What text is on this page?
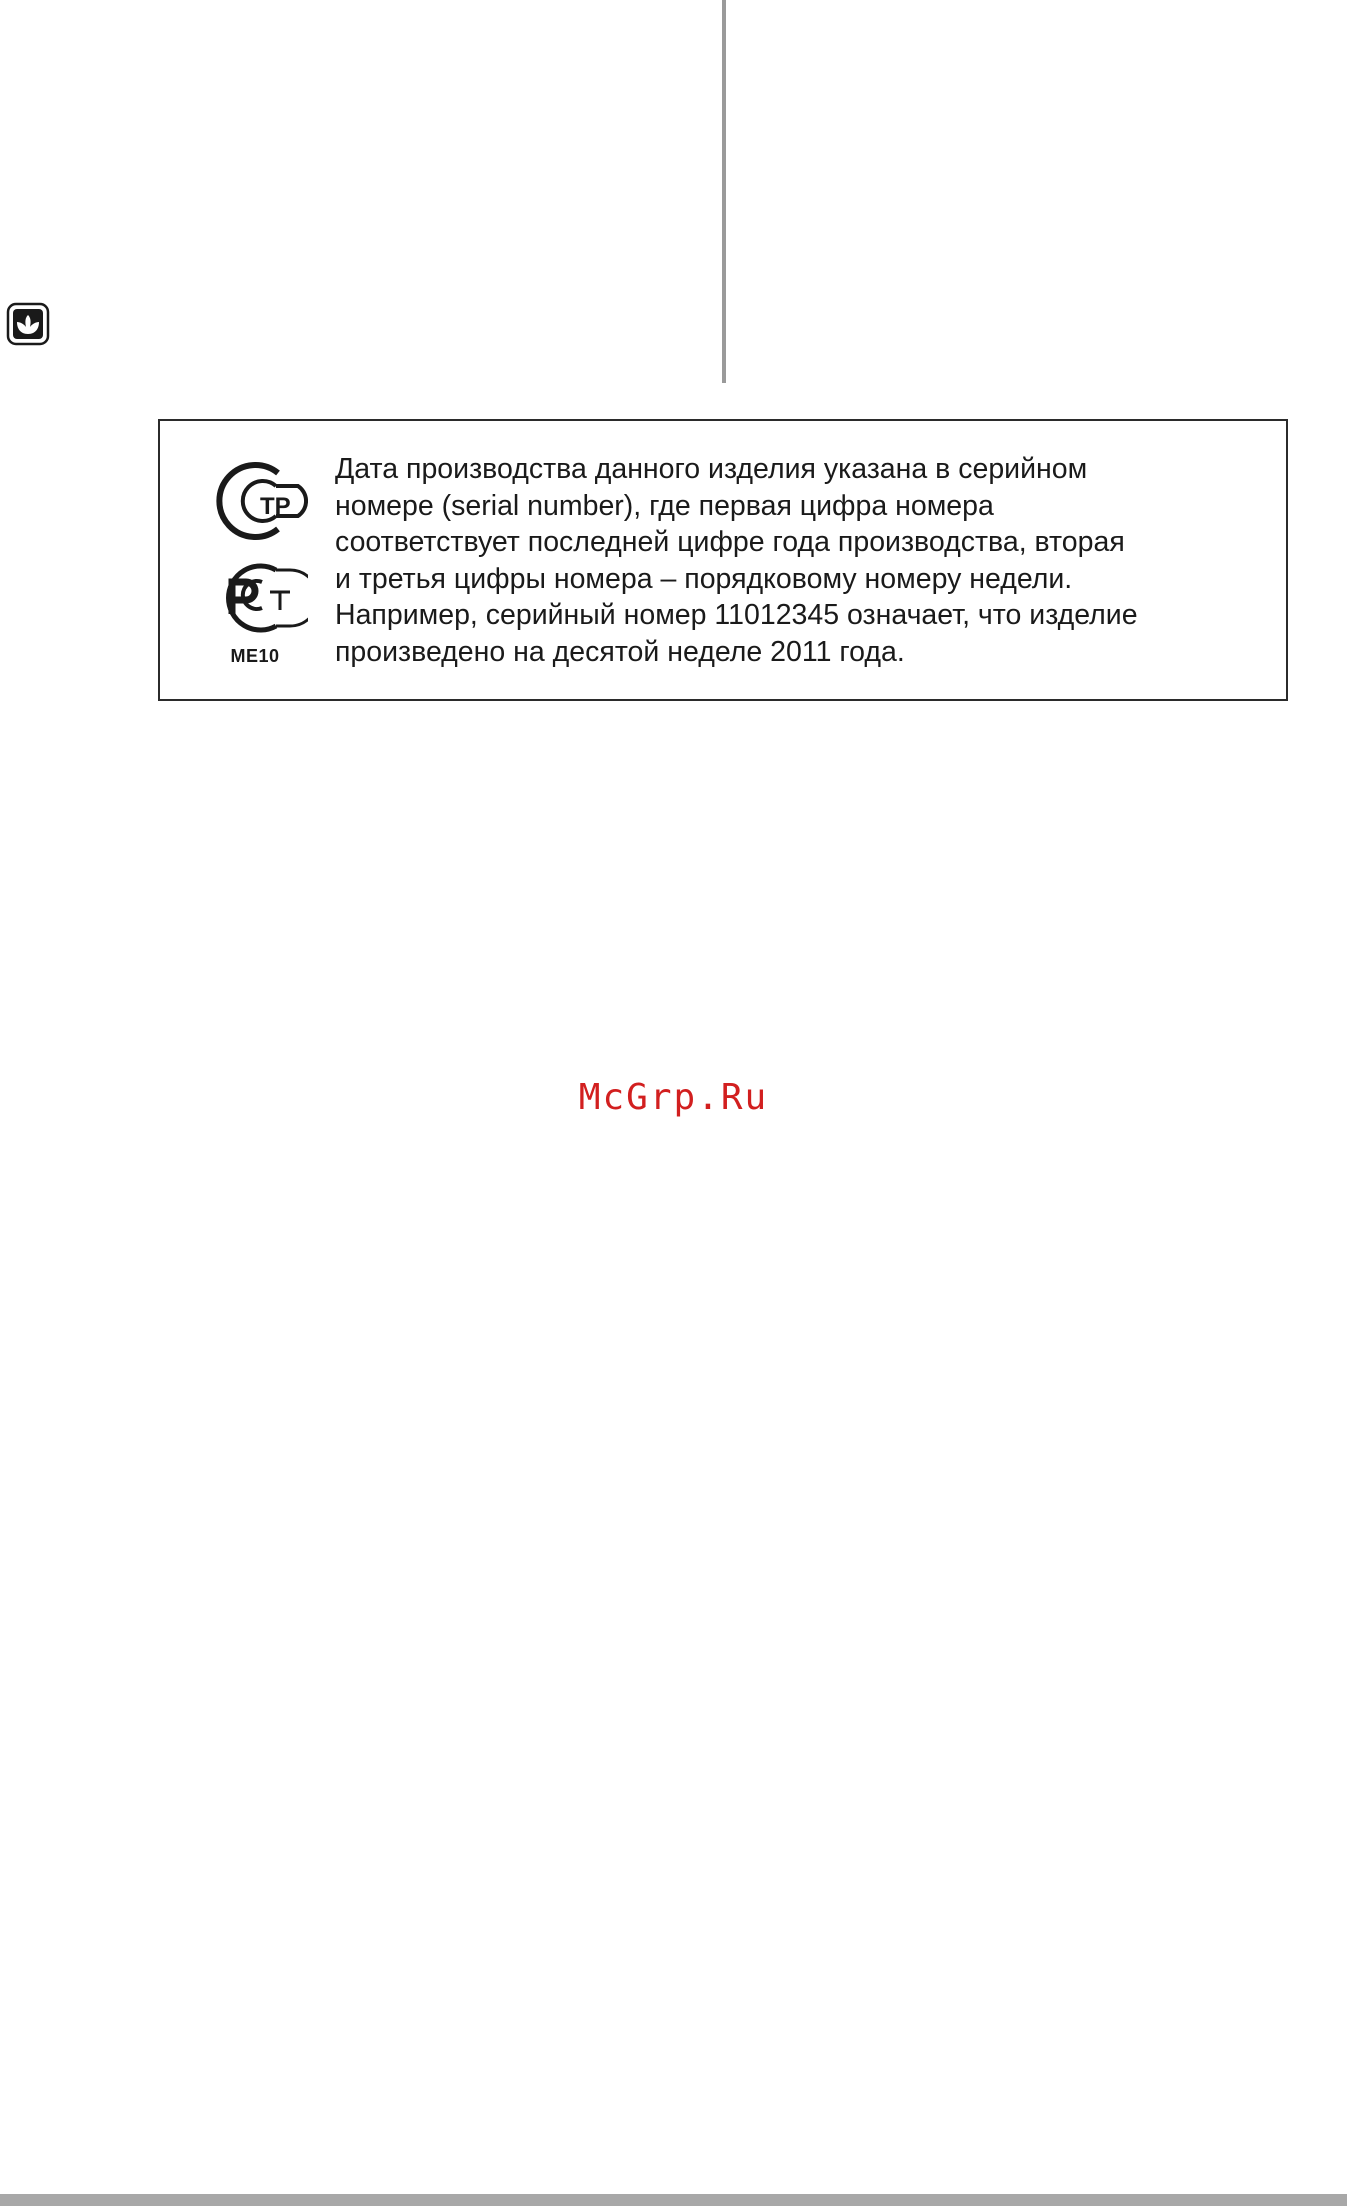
ТР
ME10

Дата производства данного изделия указана в серийном
номере (serial number), где первая цифра номера
соответствует последней цифре года производства, вторая
и третья цифры номера – порядковому номеру недели.
Например, серийный номер 11012345 означает, что изделие
произведено на десятой неделе 2011 года.

McGrp.Ru
